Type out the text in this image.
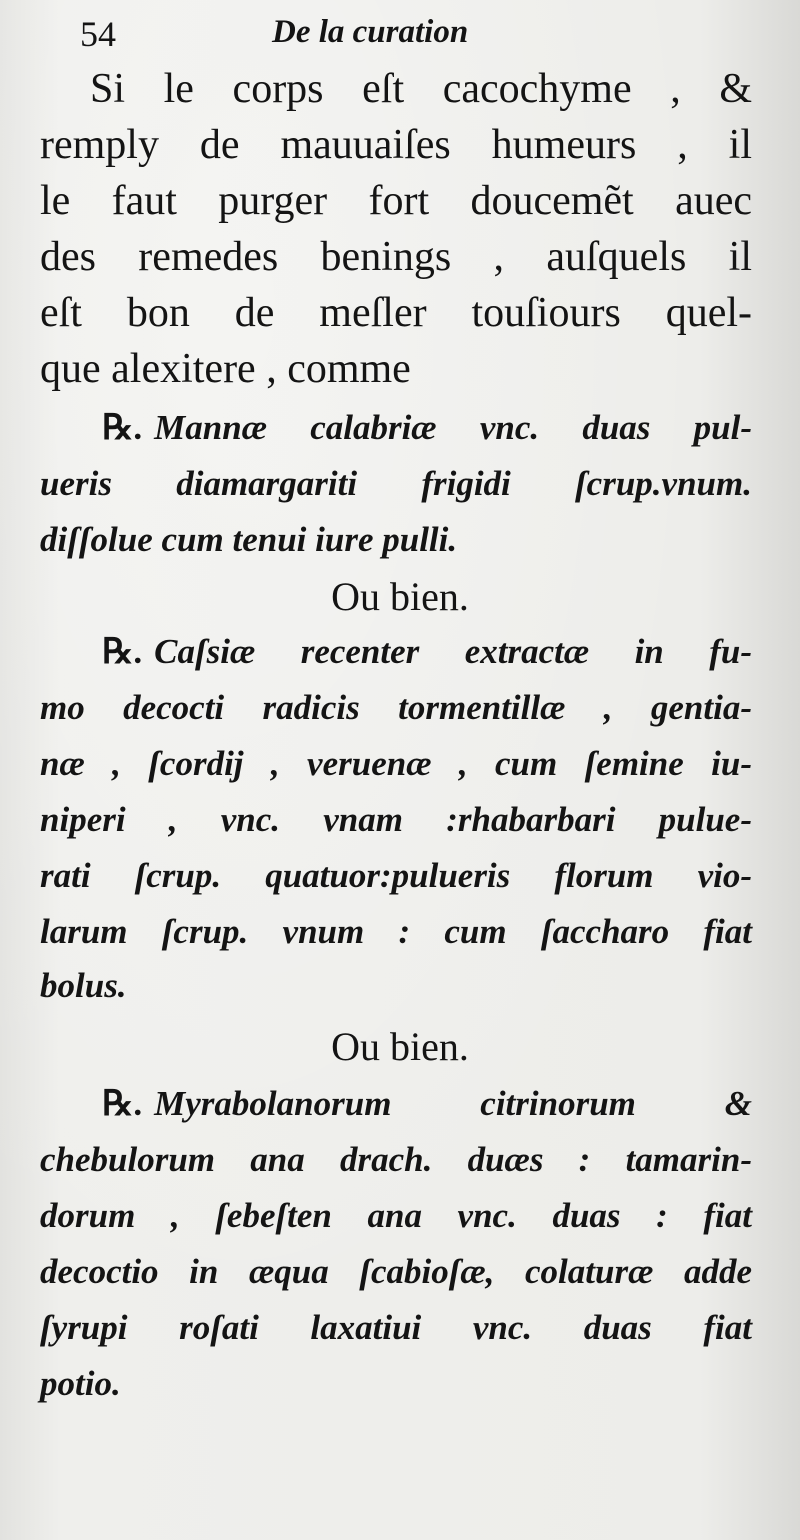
54	De la curation
Si le corps eſt cacochyme , &
remply de mauuaiſes humeurs , il
le faut purger fort doucemẽt auec
des remedes benings , auſquels il
eſt bon de meſler touſiours quel-
que alexitere , comme
℞. Mannæ calabriæ vnc. duas pul-
ueris diamargariti frigidi ſcrup.vnum.
diſſolue cum tenui iure pulli.
Ou bien.
℞. Caſsiæ recenter extractæ in fu-
mo decocti radicis tormentillæ , gentia-
næ , ſcordij , veruenæ , cum ſemine iu-
niperi , vnc. vnam :rhabarbari pulue-
rati ſcrup. quatuor:pulueris florum vio-
larum ſcrup. vnum : cum ſaccharo fiat
bolus.
Ou bien.
℞. Myrabolanorum citrinorum &
chebulorum ana drach. duæs : tamarin-
dorum , ſebeſten ana vnc. duas : fiat
decoctio in æqua ſcabioſæ, colaturæ adde
ſyrupi roſati laxatiui vnc. duas fiat
potio.
